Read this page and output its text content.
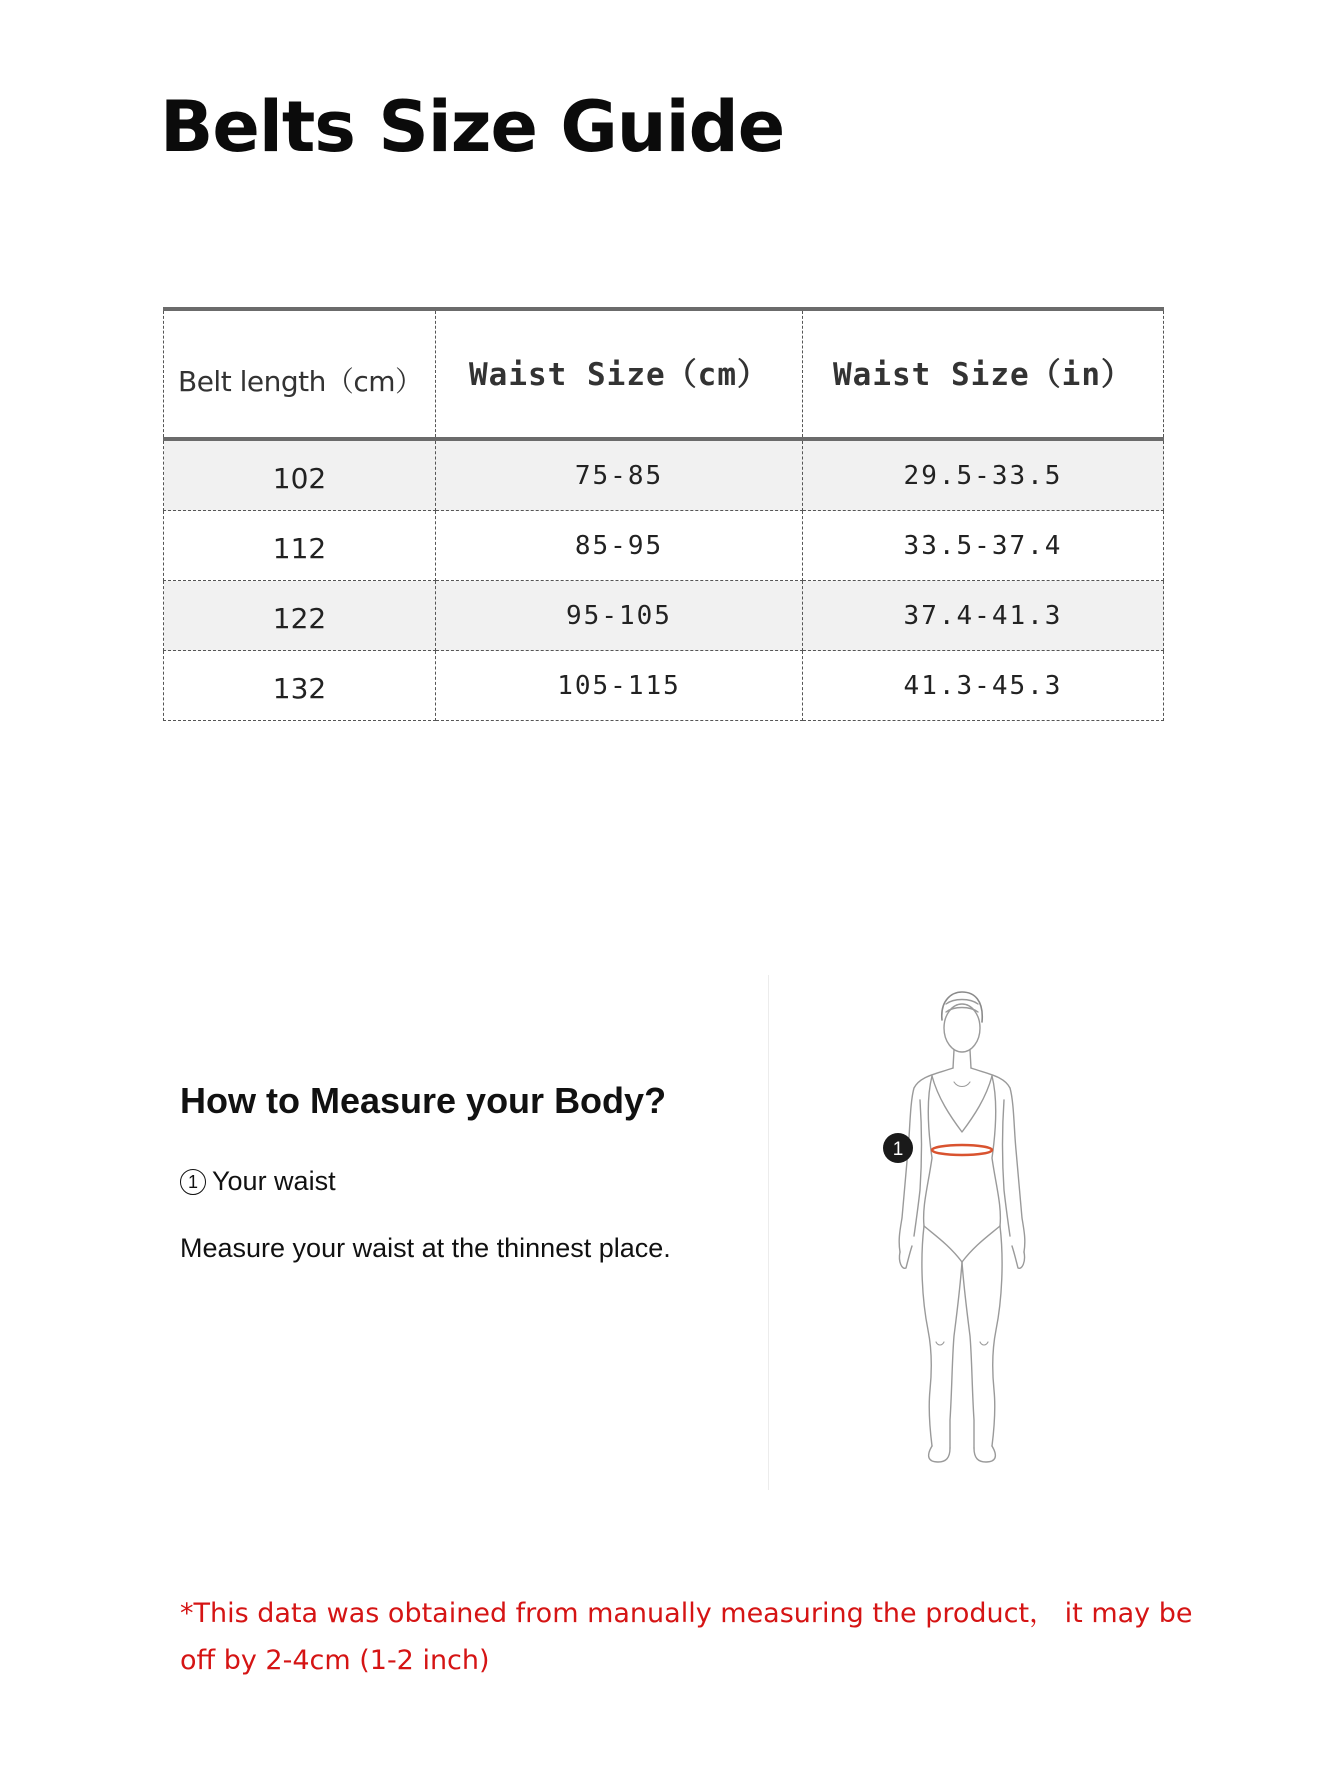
Belts Size Guide
Belt length（cm）	Waist Size（cm）	Waist Size（in）
102	75-85	29.5-33.5
112	85-95	33.5-37.4
122	95-105	37.4-41.3
132	105-115	41.3-45.3
How to Measure your Body?
1 Your waist
Measure your waist at the thinnest place.
1

*This data was obtained from manually measuring the product， it may be off by 2-4cm (1-2 inch)
